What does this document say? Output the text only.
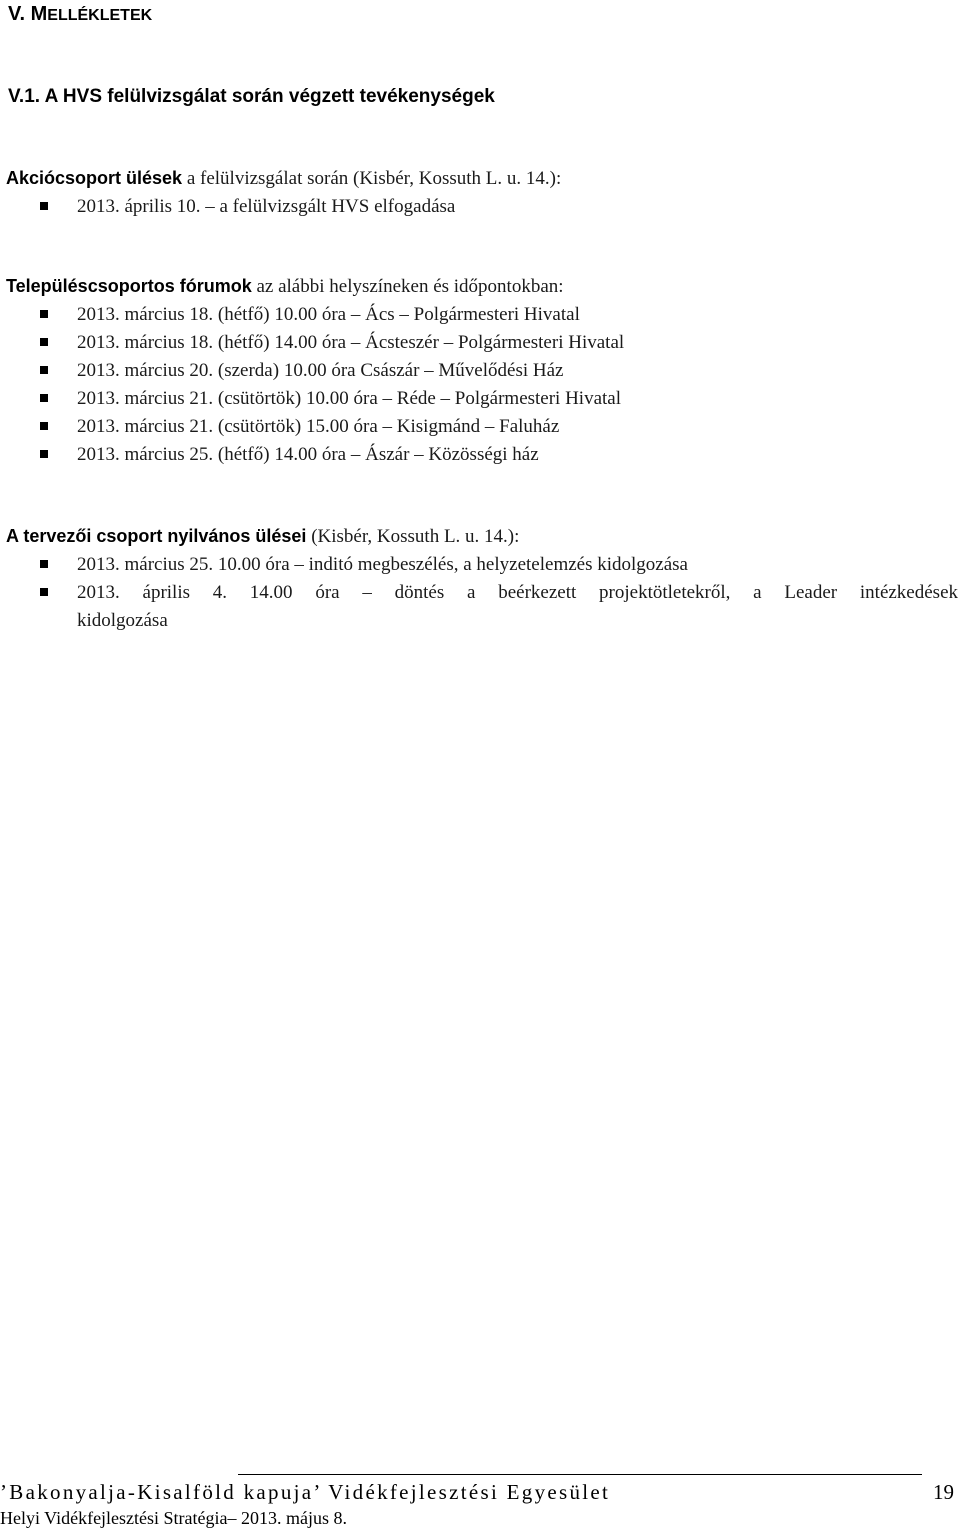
V. MELLÉKLETEK
V.1. A HVS felülvizsgálat során végzett tevékenységek

Akciócsoport ülések a felülvizsgálat során (Kisbér, Kossuth L. u. 14.):

2013. április 10. – a felülvizsgált HVS elfogadása

Településcsoportos fórumok az alábbi helyszíneken és időpontokban:

2013. március 18. (hétfő) 10.00 óra – Ács – Polgármesteri Hivatal
2013. március 18. (hétfő) 14.00 óra – Ácsteszér – Polgármesteri Hivatal
2013. március 20. (szerda) 10.00 óra Császár – Művelődési Ház
2013. március 21. (csütörtök) 10.00 óra – Réde – Polgármesteri Hivatal
2013. március 21. (csütörtök) 15.00 óra – Kisigmánd – Faluház
2013. március 25. (hétfő) 14.00 óra – Ászár – Közösségi ház

A tervezői csoport nyilvános ülései (Kisbér, Kossuth L. u. 14.):

2013. március 25. 10.00 óra – inditó megbeszélés, a helyzetelemzés kidolgozása
2013. április 4. 14.00 óra – döntés a beérkezett projektötletekről, a Leader intézkedések
kidolgozása
’Bakonyalja-Kisalföld kapuja’ Vidékfejlesztési Egyesület	19
Helyi Vidékfejlesztési Stratégia– 2013. május 8.
